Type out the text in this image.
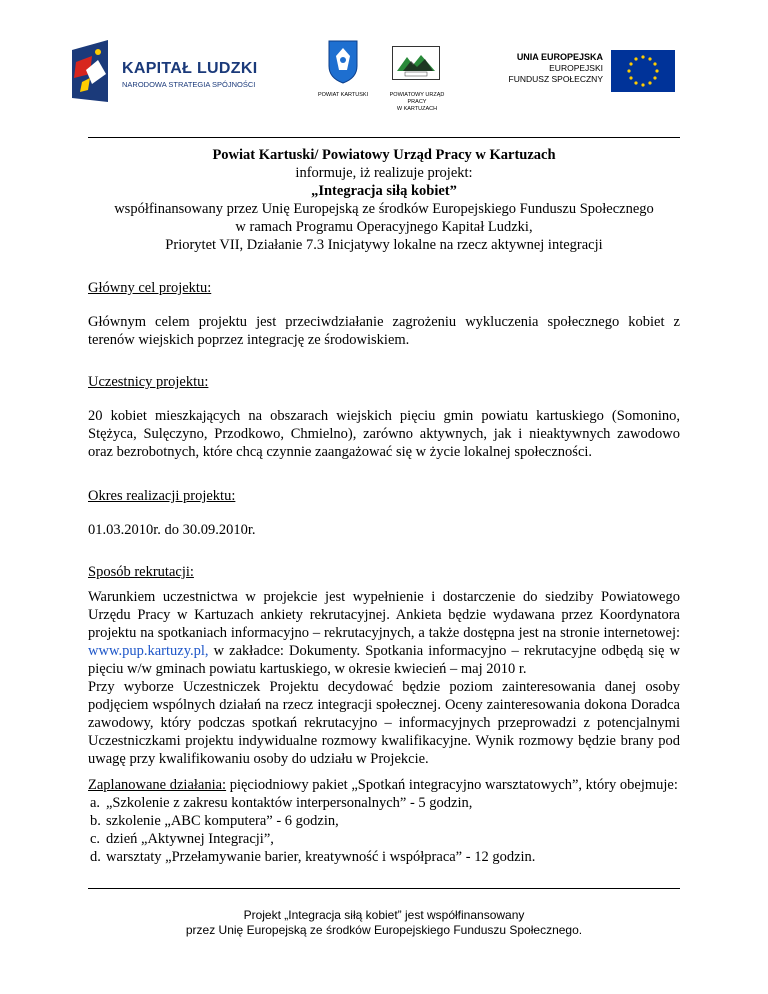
KAPITAŁ LUDZKI
NARODOWA STRATEGIA SPÓJNOŚCI
POWIAT KARTUSKI	POWIATOWY URZĄD PRACY
W KARTUZACH
UNIA EUROPEJSKA
EUROPEJSKI
FUNDUSZ SPOŁECZNY
Powiat Kartuski/ Powiatowy Urząd Pracy w Kartuzach
informuje, iż realizuje projekt:
„Integracja siłą kobiet”
współfinansowany przez Unię Europejską ze środków Europejskiego Funduszu Społecznego
w ramach Programu Operacyjnego Kapitał Ludzki,
Priorytet VII, Działanie 7.3 Inicjatywy lokalne na rzecz aktywnej integracji
Główny cel projektu:
Głównym celem projektu jest przeciwdziałanie zagrożeniu wykluczenia społecznego kobiet z terenów wiejskich poprzez integrację ze środowiskiem.
Uczestnicy projektu:
20 kobiet mieszkających na obszarach wiejskich pięciu gmin powiatu kartuskiego (Somonino, Stężyca, Sulęczyno, Przodkowo, Chmielno), zarówno aktywnych, jak i nieaktywnych zawodowo oraz bezrobotnych, które chcą czynnie zaangażować się w życie lokalnej społeczności.
Okres realizacji projektu:
01.03.2010r. do 30.09.2010r.
Sposób rekrutacji:
Warunkiem uczestnictwa w projekcie jest wypełnienie i dostarczenie do siedziby Powiatowego Urzędu Pracy w Kartuzach ankiety rekrutacyjnej. Ankieta będzie wydawana przez Koordynatora projektu na spotkaniach informacyjno – rekrutacyjnych, a także dostępna jest na stronie internetowej: www.pup.kartuzy.pl, w zakładce: Dokumenty. Spotkania informacyjno – rekrutacyjne odbędą się w pięciu w/w gminach powiatu kartuskiego, w okresie kwiecień – maj 2010 r.
Przy wyborze Uczestniczek Projektu decydować będzie poziom zainteresowania danej osoby podjęciem wspólnych działań na rzecz integracji społecznej. Oceny zainteresowania dokona Doradca zawodowy, który podczas spotkań rekrutacyjno – informacyjnych przeprowadzi z potencjalnymi Uczestniczkami projektu indywidualne rozmowy kwalifikacyjne. Wynik rozmowy będzie brany pod uwagę przy kwalifikowaniu osoby do udziału w Projekcie.
Zaplanowane działania: pięciodniowy pakiet „Spotkań integracyjno warsztatowych”, który obejmuje:
a. „Szkolenie z zakresu kontaktów interpersonalnych” - 5 godzin,
b. szkolenie „ABC komputera” - 6 godzin,
c. dzień „Aktywnej Integracji”,
d. warsztaty „Przełamywanie barier, kreatywność i współpraca” - 12 godzin.
Projekt „Integracja siłą kobiet” jest współfinansowany
przez Unię Europejską ze środków Europejskiego Funduszu Społecznego.
